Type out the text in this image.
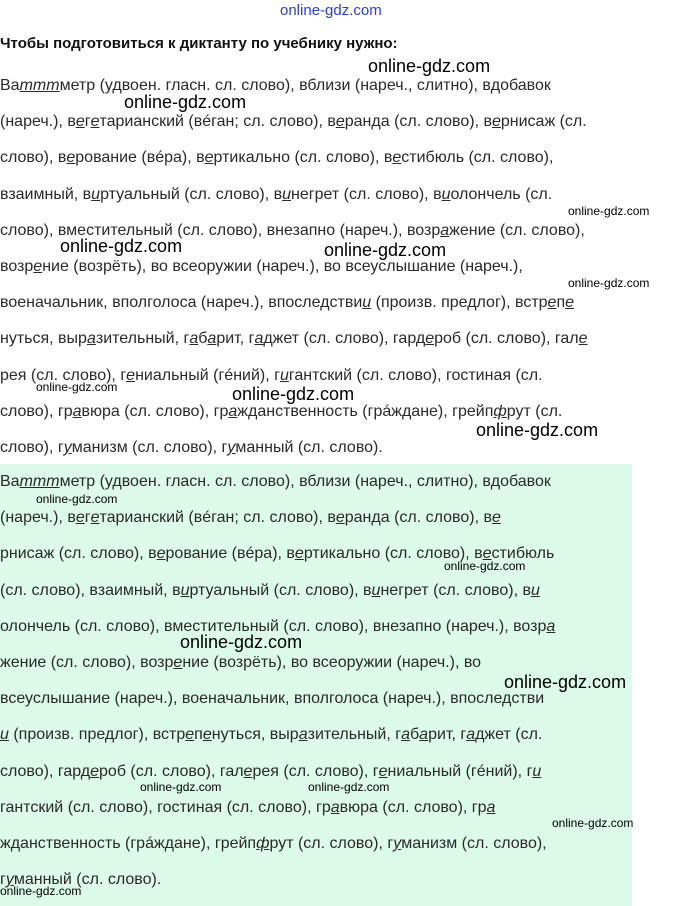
online-gdz.com
Чтобы подготовиться к диктанту по учебнику нужно:
Ватттметр (удвоен. гласн. сл. слово), вблизи (нареч., слитно), вдобавок
(нареч.), вегетарианский (вéган; сл. слово), веранда (сл. слово), вернисаж (сл.
слово), верование (вéра), вертикально (сл. слово), вестибюль (сл. слово),
взаимный, виртуальный (сл. слово), винегрет (сл. слово), виолончель (сл.
слово), вместительный (сл. слово), внезапно (нареч.), возражение (сл. слово),
возрение (возрёть), во всеоружии (нареч.), во всеуслышание (нареч.),
военачальник, вполголоса (нареч.), впоследствии (произв. предлог), встрепе
нуться, выразительный, габарит, гаджет (сл. слово), гардероб (сл. слово), гале
рея (сл. слово), гениальный (гéний), гигантский (сл. слово), гостиная (сл.
слово), гравюра (сл. слово), гражданственность (грáждане), грейпфрут (сл.
слово), гуманизм (сл. слово), гуманный (сл. слово).
Ватттметр (удвоен. гласн. сл. слово), вблизи (нареч., слитно), вдобавок
(нареч.), вегетарианский (вéган; сл. слово), веранда (сл. слово), ве
рнисаж (сл. слово), верование (вéра), вертикально (сл. слово), вестибюль
(сл. слово), взаимный, виртуальный (сл. слово), винегрет (сл. слово), ви
олончель (сл. слово), вместительный (сл. слово), внезапно (нареч.), возра
жение (сл. слово), возрение (возрёть), во всеоружии (нареч.), во
всеуслышание (нареч.), военачальник, вполголоса (нареч.), впоследстви
и (произв. предлог), встрепенуться, выразительный, габарит, гаджет (сл.
слово), гардероб (сл. слово), галерея (сл. слово), гениальный (гéний), ги
гантский (сл. слово), гостиная (сл. слово), гравюра (сл. слово), гра
жданственность (грáждане), грейпфрут (сл. слово), гуманизм (сл. слово),
гуманный (сл. слово).
online-gdz.com
online-gdz.com
online-gdz.com
online-gdz.com	online-gdz.com
online-gdz.com
online-gdz.com	online-gdz.com
online-gdz.com
online-gdz.com
online-gdz.com
online-gdz.com
online-gdz.com
online-gdz.com	online-gdz.com
online-gdz.com
online-gdz.com
